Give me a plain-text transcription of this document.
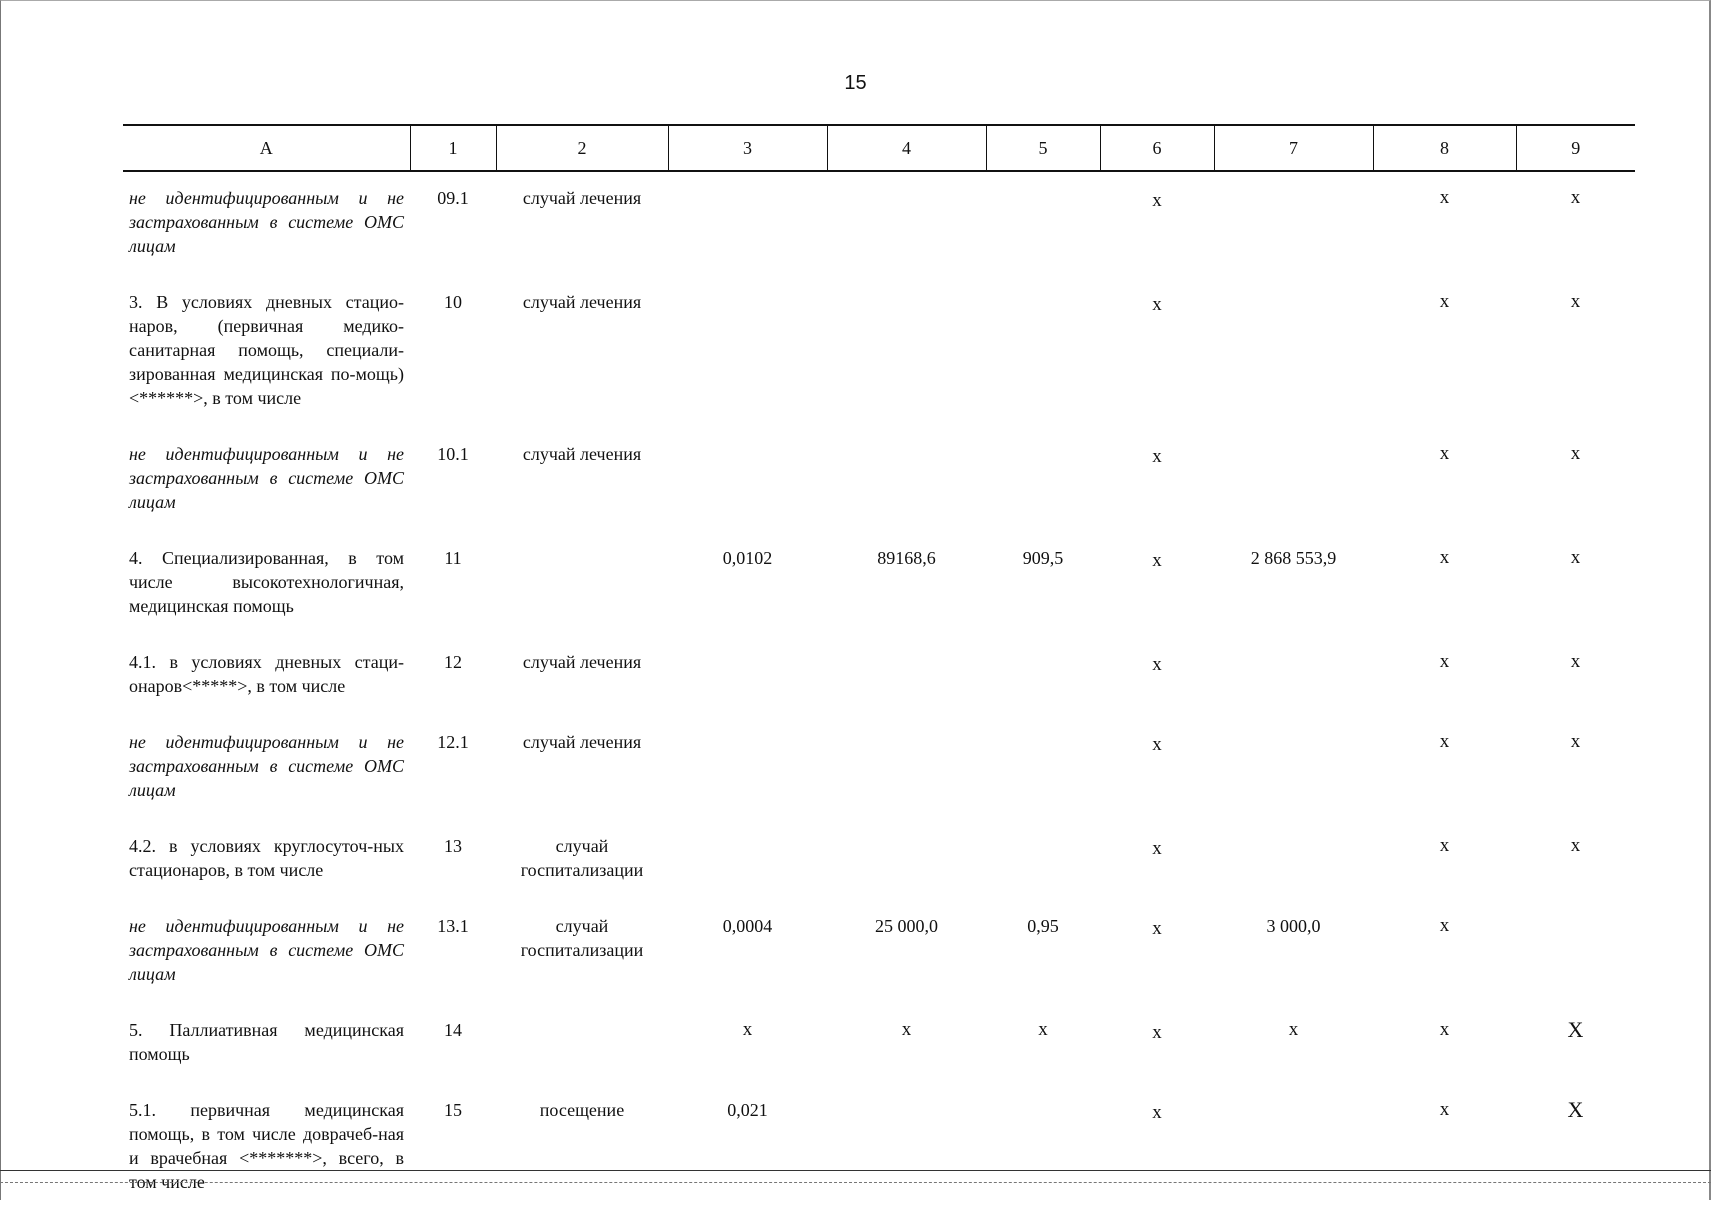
15
А	1	2	3	4	5	6	7	8	9
не идентифицированным и не застрахованным в системе ОМС лицам	09.1	случай лечения				х		х	х
3. В условиях дневных стацио-наров, (первичная медико-санитарная помощь, специали-зированная медицинская по-мощь) <******>, в том числе	10	случай лечения				х		х	х
не идентифицированным и не застрахованным в системе ОМС лицам	10.1	случай лечения				х		х	х
4. Специализированная, в том числе высокотехнологичная, медицинская помощь	11		0,0102	89168,6	909,5	х	2 868 553,9	х	х
4.1. в условиях дневных стаци-онаров<*****>, в том числе	12	случай лечения				х		х	х
не идентифицированным и не застрахованным в системе ОМС лицам	12.1	случай лечения				х		х	х
4.2. в условиях круглосуточ-ных стационаров, в том числе	13	случай госпитализации				х		х	х
не идентифицированным и не застрахованным в системе ОМС лицам	13.1	случай госпитализации	0,0004	25 000,0	0,95	х	3 000,0	х	
5. Паллиативная медицинская помощь	14		х	х	х	х	х	х	Х
5.1. первичная медицинская помощь, в том числе доврачеб-ная и врачебная <*******>, всего, в том числе	15	посещение	0,021			х		х	Х
